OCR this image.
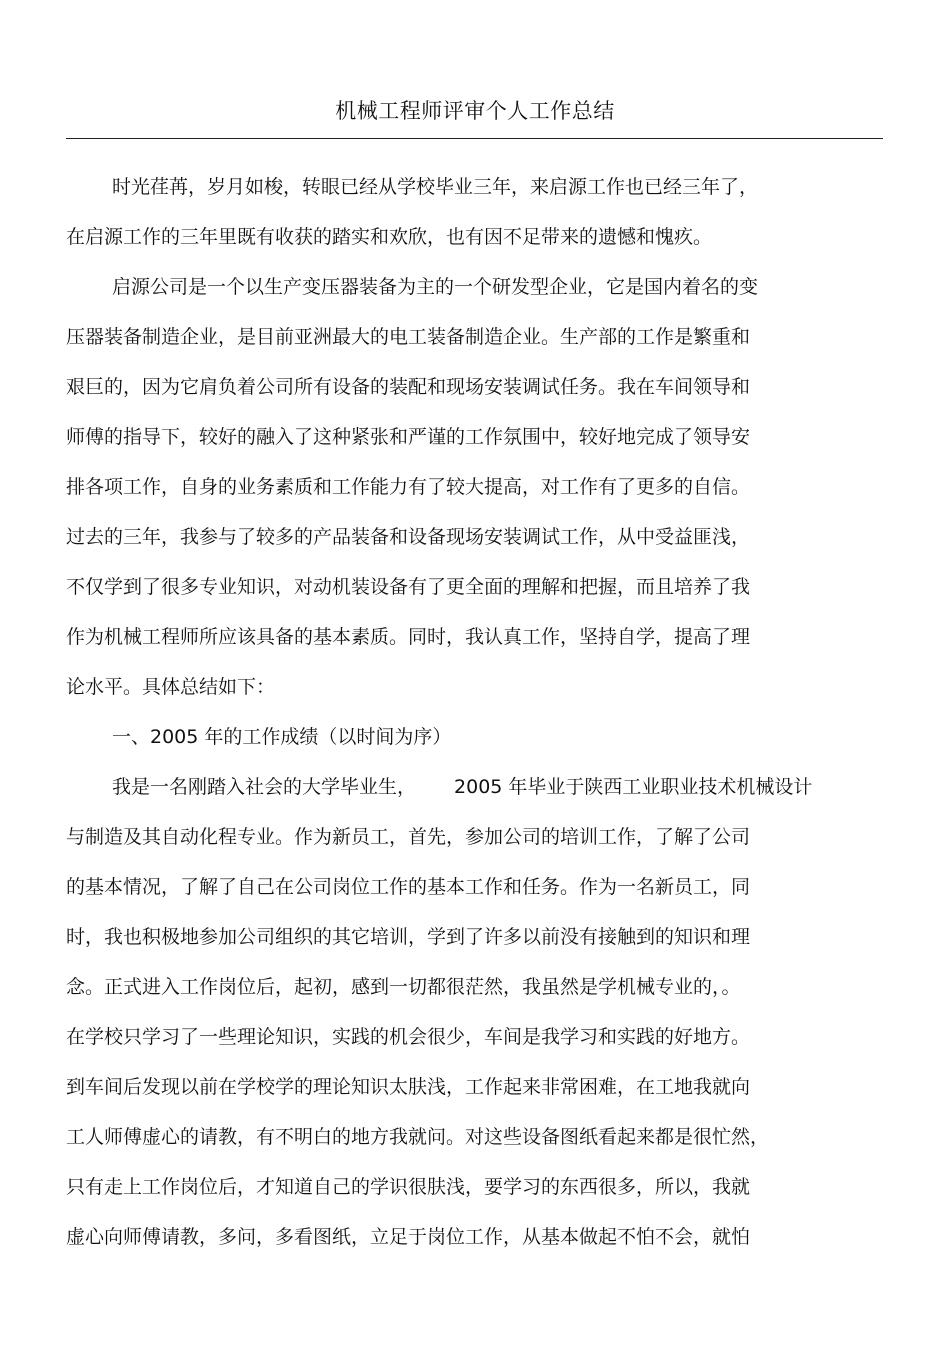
机械工程师评审个人工作总结
时光荏苒，岁月如梭，转眼已经从学校毕业三年，来启源工作也已经三年了，
在启源工作的三年里既有收获的踏实和欢欣，也有因不足带来的遗憾和愧疚。
启源公司是一个以生产变压器装备为主的一个研发型企业，它是国内着名的变
压器装备制造企业，是目前亚洲最大的电工装备制造企业。生产部的工作是繁重和
艰巨的，因为它肩负着公司所有设备的装配和现场安装调试任务。我在车间领导和
师傅的指导下，较好的融入了这种紧张和严谨的工作氛围中，较好地完成了领导安
排各项工作，自身的业务素质和工作能力有了较大提高，对工作有了更多的自信。
过去的三年，我参与了较多的产品装备和设备现场安装调试工作，从中受益匪浅，
不仅学到了很多专业知识，对动机装设备有了更全面的理解和把握，而且培养了我
作为机械工程师所应该具备的基本素质。同时，我认真工作，坚持自学，提高了理
论水平。具体总结如下：
一、2005 年的工作成绩（以时间为序）
我是一名刚踏入社会的大学毕业生， 2005 年毕业于陕西工业职业技术机械设计
与制造及其自动化程专业。作为新员工，首先，参加公司的培训工作，了解了公司
的基本情况，了解了自己在公司岗位工作的基本工作和任务。作为一名新员工，同
时，我也积极地参加公司组织的其它培训，学到了许多以前没有接触到的知识和理
念。正式进入工作岗位后，起初，感到一切都很茫然，我虽然是学机械专业的，。
在学校只学习了一些理论知识，实践的机会很少，车间是我学习和实践的好地方。
到车间后发现以前在学校学的理论知识太肤浅，工作起来非常困难，在工地我就向
工人师傅虚心的请教，有不明白的地方我就问。对这些设备图纸看起来都是很忙然，
只有走上工作岗位后，才知道自己的学识很肤浅，要学习的东西很多，所以，我就
虚心向师傅请教，多问，多看图纸，立足于岗位工作，从基本做起不怕不会，就怕
